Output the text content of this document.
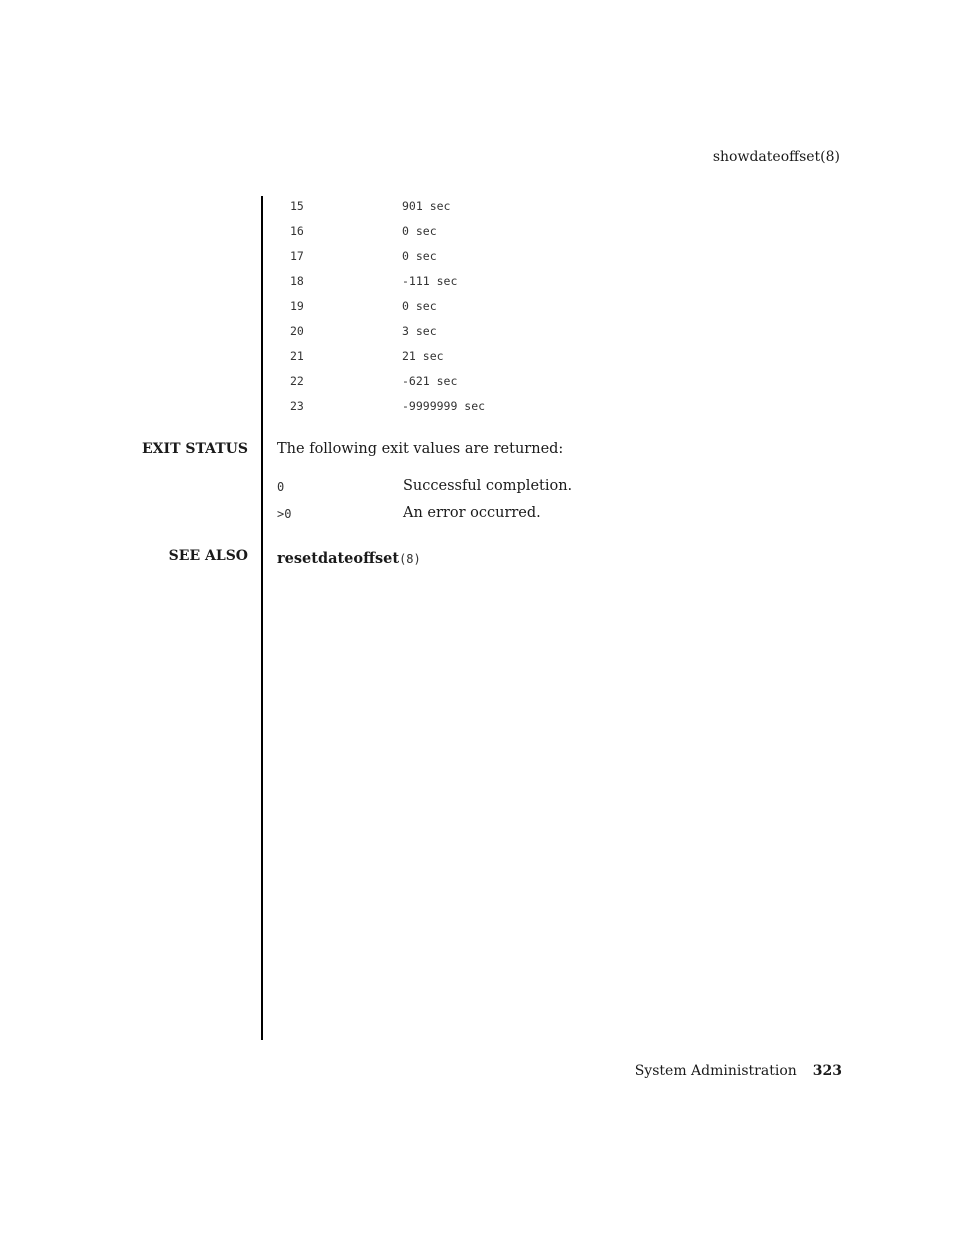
showdateoffset(8)
15	901 sec
16	0 sec
17	0 sec
18	-111 sec
19	0 sec
20	3 sec
21	21 sec
22	-621 sec
23	-9999999 sec
EXIT STATUS The following exit values are returned:
0	Successful completion.
>0	An error occurred.
SEE ALSO resetdateoffset(8)
System Administration 323
